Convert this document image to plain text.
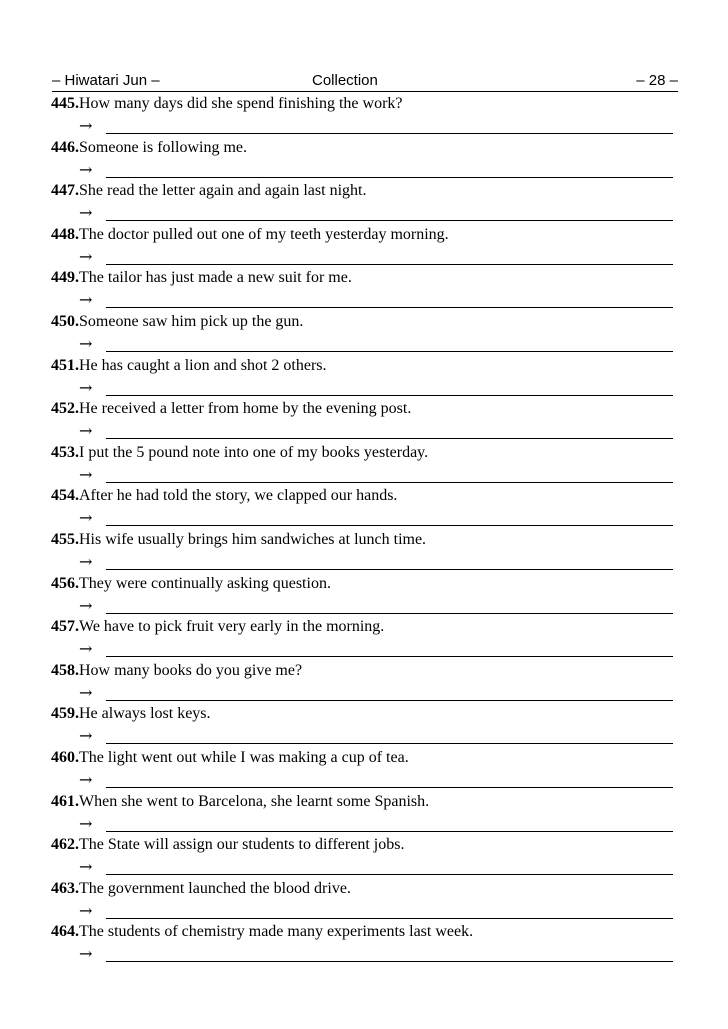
– Hiwatari Jun –	Collection	– 28 –
445.How many days did she spend finishing the work?
→
446.Someone is following me.
→
447.She read the letter again and again last night.
→
448.The doctor pulled out one of my teeth yesterday morning.
→
449.The tailor has just made a new suit for me.
→
450.Someone saw him pick up the gun.
→
451.He has caught a lion and shot 2 others.
→
452.He received a letter from home by the evening post.
→
453.I put the 5 pound note into one of my books yesterday.
→
454.After he had told the story, we clapped our hands.
→
455.His wife usually brings him sandwiches at lunch time.
→
456.They were continually asking question.
→
457.We have to pick fruit very early in the morning.
→
458.How many books do you give me?
→
459.He always lost keys.
→
460.The light went out while I was making a cup of tea.
→
461.When she went to Barcelona, she learnt some Spanish.
→
462.The State will assign our students to different jobs.
→
463.The government launched the blood drive.
→
464.The students of chemistry made many experiments last week.
→
